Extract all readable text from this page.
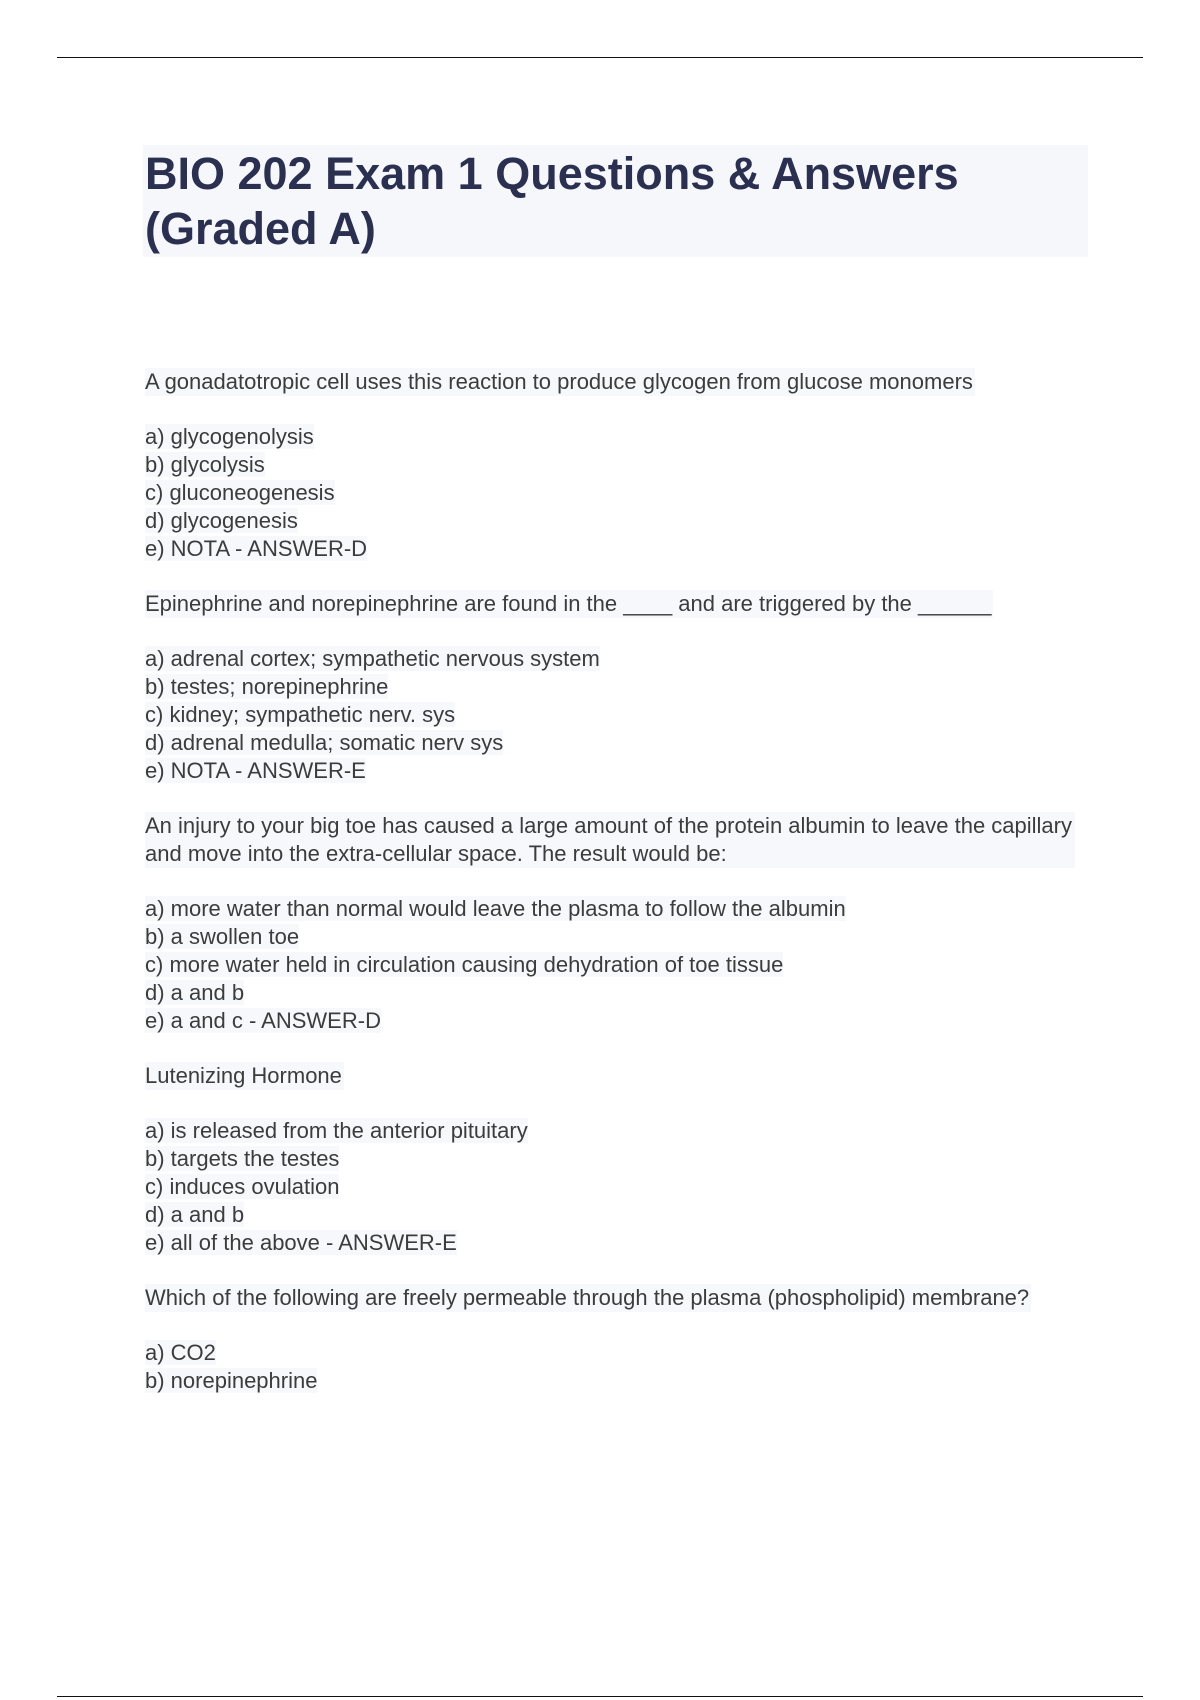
BIO 202 Exam 1 Questions & Answers (Graded A)

A gonadatotropic cell uses this reaction to produce glycogen from glucose monomers

a) glycogenolysis
b) glycolysis
c) gluconeogenesis
d) glycogenesis
e) NOTA - ANSWER-D

Epinephrine and norepinephrine are found in the ____ and are triggered by the ______

a) adrenal cortex; sympathetic nervous system
b) testes; norepinephrine
c) kidney; sympathetic nerv. sys
d) adrenal medulla; somatic nerv sys
e) NOTA - ANSWER-E

An injury to your big toe has caused a large amount of the protein albumin to leave the capillary and move into the extra-cellular space. The result would be:

a) more water than normal would leave the plasma to follow the albumin
b) a swollen toe
c) more water held in circulation causing dehydration of toe tissue
d) a and b
e) a and c - ANSWER-D

Lutenizing Hormone

a) is released from the anterior pituitary
b) targets the testes
c) induces ovulation
d) a and b
e) all of the above - ANSWER-E

Which of the following are freely permeable through the plasma (phospholipid) membrane?

a) CO2
b) norepinephrine
